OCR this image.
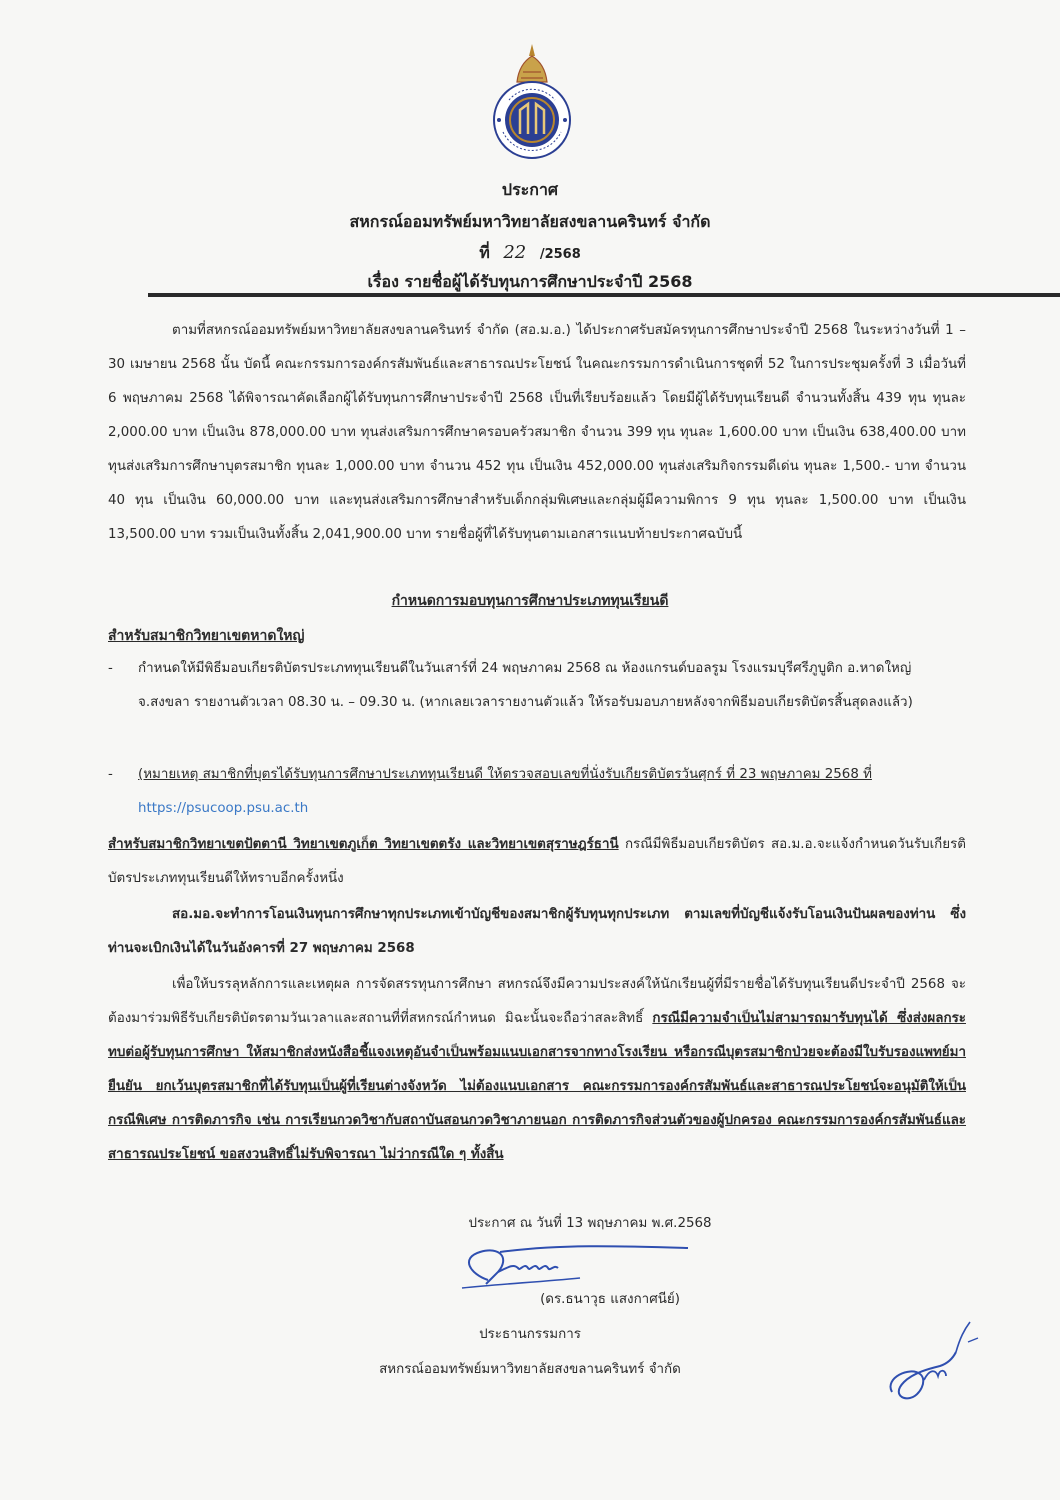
ประกาศ
สหกรณ์ออมทรัพย์มหาวิทยาลัยสงขลานครินทร์ จำกัด
ที่ 22 /2568
เรื่อง รายชื่อผู้ได้รับทุนการศึกษาประจำปี 2568

ตามที่สหกรณ์ออมทรัพย์มหาวิทยาลัยสงขลานครินทร์ จำกัด (สอ.ม.อ.) ได้ประกาศรับสมัครทุนการศึกษาประจำปี 2568 ในระหว่างวันที่ 1 – 30 เมษายน 2568 นั้น บัดนี้ คณะกรรมการองค์กรสัมพันธ์และสาธารณประโยชน์ ในคณะกรรมการดำเนินการชุดที่ 52 ในการประชุมครั้งที่ 3 เมื่อวันที่ 6 พฤษภาคม 2568 ได้พิจารณาคัดเลือกผู้ได้รับทุนการศึกษาประจำปี 2568 เป็นที่เรียบร้อยแล้ว โดยมีผู้ได้รับทุนเรียนดี จำนวนทั้งสิ้น 439 ทุน ทุนละ 2,000.00 บาท เป็นเงิน 878,000.00 บาท ทุนส่งเสริมการศึกษาครอบครัวสมาชิก จำนวน 399 ทุน ทุนละ 1,600.00 บาท เป็นเงิน 638,400.00 บาท ทุนส่งเสริมการศึกษาบุตรสมาชิก ทุนละ 1,000.00 บาท จำนวน 452 ทุน เป็นเงิน 452,000.00 ทุนส่งเสริมกิจกรรมดีเด่น ทุนละ 1,500.- บาท จำนวน 40 ทุน เป็นเงิน 60,000.00 บาท และทุนส่งเสริมการศึกษาสำหรับเด็กกลุ่มพิเศษและกลุ่มผู้มีความพิการ 9 ทุน ทุนละ 1,500.00 บาท เป็นเงิน 13,500.00 บาท รวมเป็นเงินทั้งสิ้น 2,041,900.00 บาท รายชื่อผู้ที่ได้รับทุนตามเอกสารแนบท้ายประกาศฉบับนี้

กำหนดการมอบทุนการศึกษาประเภททุนเรียนดี
สำหรับสมาชิกวิทยาเขตหาดใหญ่
-	กำหนดให้มีพิธีมอบเกียรติบัตรประเภททุนเรียนดีในวันเสาร์ที่ 24 พฤษภาคม 2568 ณ ห้องแกรนด์บอลรูม โรงแรมบุรีศรีภูบูติก อ.หาดใหญ่ จ.สงขลา รายงานตัวเวลา 08.30 น. – 09.30 น. (หากเลยเวลารายงานตัวแล้ว ให้รอรับมอบภายหลังจากพิธีมอบเกียรติบัตรสิ้นสุดลงแล้ว)
-	(หมายเหตุ สมาชิกที่บุตรได้รับทุนการศึกษาประเภททุนเรียนดี ให้ตรวจสอบเลขที่นั่งรับเกียรติบัตรวันศุกร์ ที่ 23 พฤษภาคม 2568 ที่ https://psucoop.psu.ac.th

สำหรับสมาชิกวิทยาเขตปัตตานี วิทยาเขตภูเก็ต วิทยาเขตตรัง และวิทยาเขตสุราษฎร์ธานี กรณีมีพิธีมอบเกียรติบัตร สอ.ม.อ.จะแจ้งกำหนดวันรับเกียรติบัตรประเภททุนเรียนดีให้ทราบอีกครั้งหนึ่ง

สอ.มอ.จะทำการโอนเงินทุนการศึกษาทุกประเภทเข้าบัญชีของสมาชิกผู้รับทุนทุกประเภท ตามเลขที่บัญชีแจ้งรับโอนเงินปันผลของท่าน ซึ่งท่านจะเบิกเงินได้ในวันอังคารที่ 27 พฤษภาคม 2568

เพื่อให้บรรลุหลักการและเหตุผล การจัดสรรทุนการศึกษา สหกรณ์จึงมีความประสงค์ให้นักเรียนผู้ที่มีรายชื่อได้รับทุนเรียนดีประจำปี 2568 จะต้องมาร่วมพิธีรับเกียรติบัตรตามวันเวลาและสถานที่ที่สหกรณ์กำหนด มิฉะนั้นจะถือว่าสละสิทธิ์ กรณีมีความจำเป็นไม่สามารถมารับทุนได้ ซึ่งส่งผลกระทบต่อผู้รับทุนการศึกษา ให้สมาชิกส่งหนังสือชี้แจงเหตุอันจำเป็นพร้อมแนบเอกสารจากทางโรงเรียน หรือกรณีบุตรสมาชิกป่วยจะต้องมีใบรับรองแพทย์มายืนยัน ยกเว้นบุตรสมาชิกที่ได้รับทุนเป็นผู้ที่เรียนต่างจังหวัด ไม่ต้องแนบเอกสาร คณะกรรมการองค์กรสัมพันธ์และสาธารณประโยชน์จะอนุมัติให้เป็นกรณีพิเศษ การติดภารกิจ เช่น การเรียนกวดวิชากับสถาบันสอนกวดวิชาภายนอก การติดภารกิจส่วนตัวของผู้ปกครอง คณะกรรมการองค์กรสัมพันธ์และสาธารณประโยชน์ ขอสงวนสิทธิ์ไม่รับพิจารณา ไม่ว่ากรณีใด ๆ ทั้งสิ้น

ประกาศ ณ วันที่ 13 พฤษภาคม พ.ศ.2568
(ดร.ธนาวุธ แสงกาศนีย์)
ประธานกรรมการ
สหกรณ์ออมทรัพย์มหาวิทยาลัยสงขลานครินทร์ จำกัด
